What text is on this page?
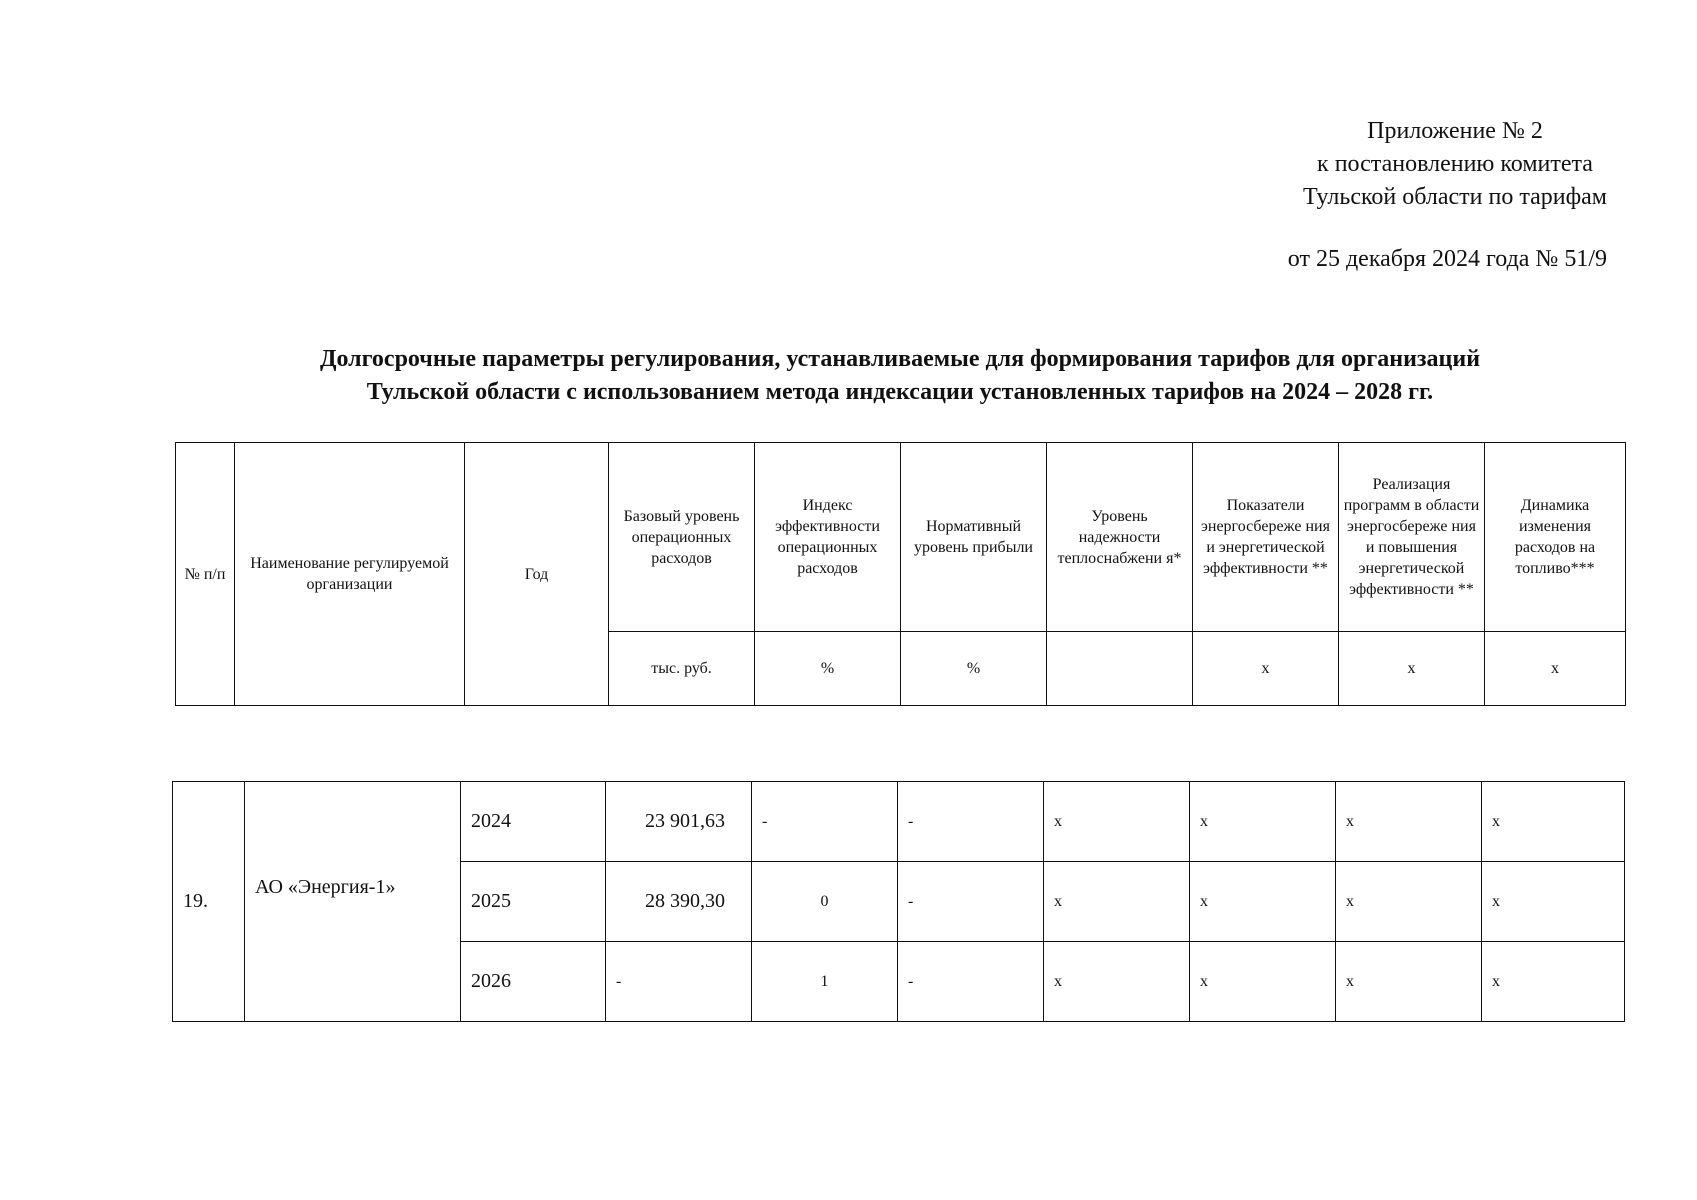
Приложение № 2
к постановлению комитета
Тульской области по тарифам
от 25 декабря 2024 года № 51/9
Долгосрочные параметры регулирования, устанавливаемые для формирования тарифов для организаций
Тульской области с использованием метода индексации установленных тарифов на 2024 – 2028 гг.
№ п/п	Наименование регулируемой организации	Год	Базовый уровень операционных расходов	Индекс эффективности операционных расходов	Нормативный уровень прибыли	Уровень надежности теплоснабжени я*	Показатели энергосбереже ния и энергетической эффективности **	Реализация программ в области энергосбереже ния и повышения энергетической эффективности **	Динамика изменения расходов на топливо***
			тыс. руб.	%	%		х	х	х
19.	АО «Энергия-1»	2024	23 901,63	-	-	х	х	х	х
		2025	28 390,30	0	-	х	х	х	х
		2026	-	1	-	х	х	х	х
